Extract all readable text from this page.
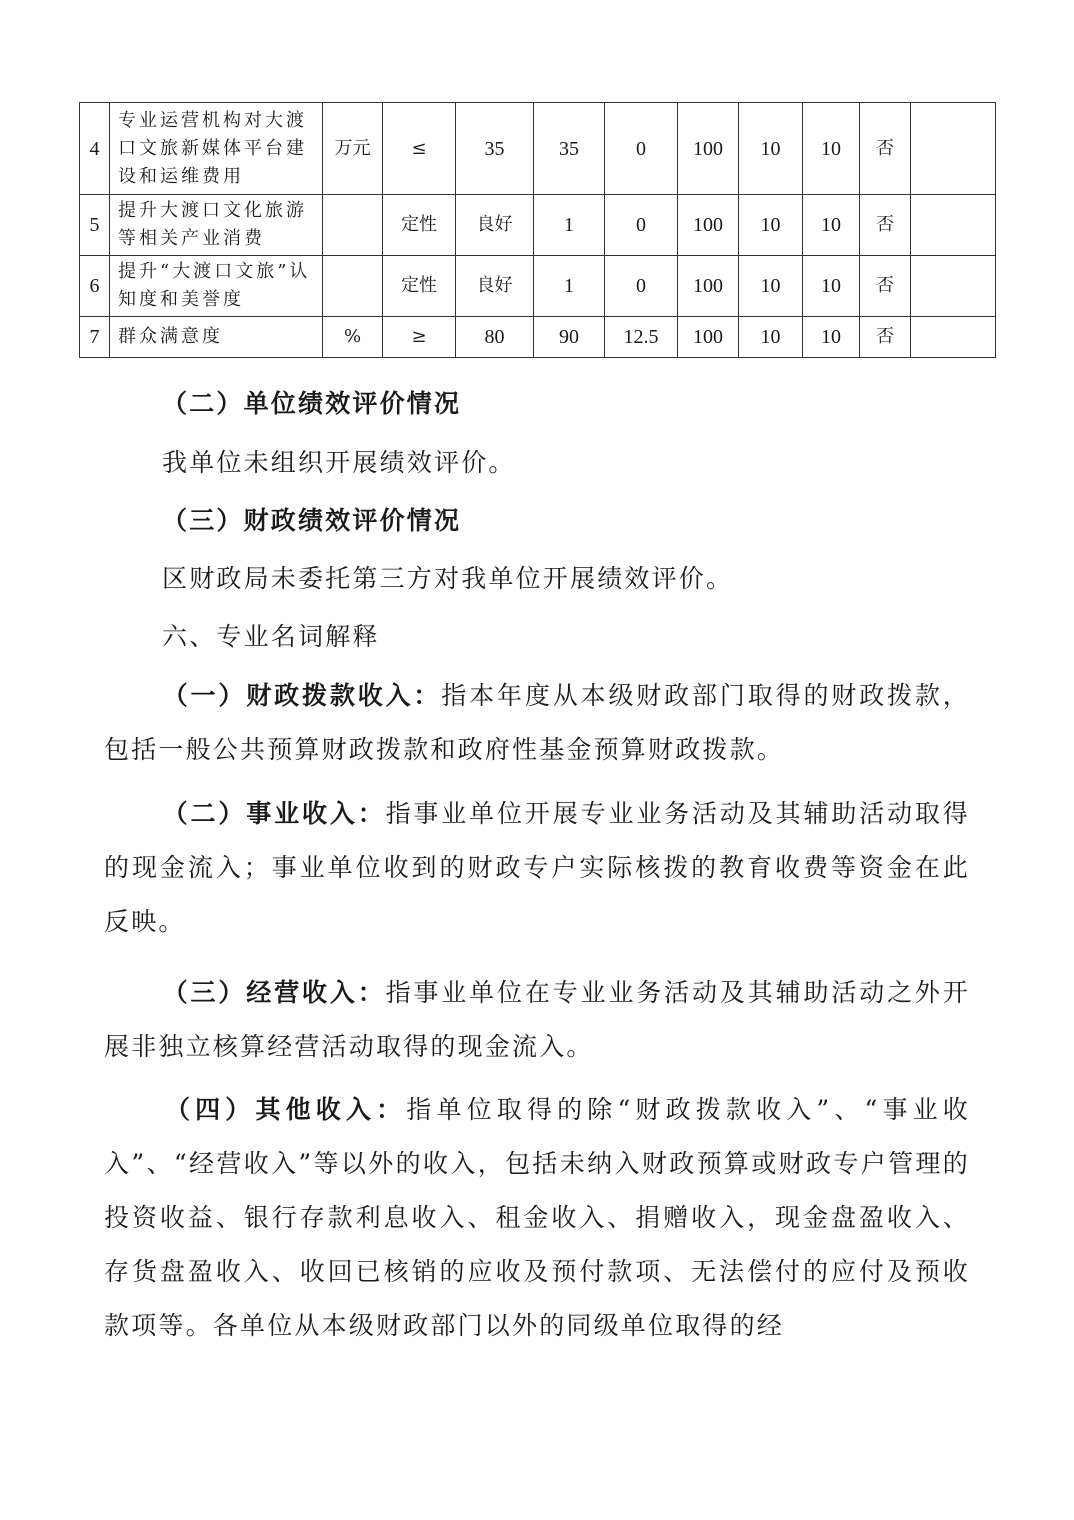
4	专业运营机构对大渡口文旅新媒体平台建设和运维费用	万元	≤	35	35	0	100	10	10	否	
5	提升大渡口文化旅游等相关产业消费		定性	良好	1	0	100	10	10	否	
6	提升“大渡口文旅”认知度和美誉度		定性	良好	1	0	100	10	10	否	
7	群众满意度	%	≥	80	90	12.5	100	10	10	否	
（二）单位绩效评价情况
我单位未组织开展绩效评价。
（三）财政绩效评价情况
区财政局未委托第三方对我单位开展绩效评价。
六、专业名词解释
（一）财政拨款收入：指本年度从本级财政部门取得的财政拨款，包括一般公共预算财政拨款和政府性基金预算财政拨款。
（二）事业收入：指事业单位开展专业业务活动及其辅助活动取得的现金流入；事业单位收到的财政专户实际核拨的教育收费等资金在此反映。
（三）经营收入：指事业单位在专业业务活动及其辅助活动之外开展非独立核算经营活动取得的现金流入。
（四）其他收入：指单位取得的除“财政拨款收入”、“事业收入”、“经营收入”等以外的收入，包括未纳入财政预算或财政专户管理的投资收益、银行存款利息收入、租金收入、捐赠收入，现金盘盈收入、存货盘盈收入、收回已核销的应收及预付款项、无法偿付的应付及预收款项等。各单位从本级财政部门以外的同级单位取得的经
